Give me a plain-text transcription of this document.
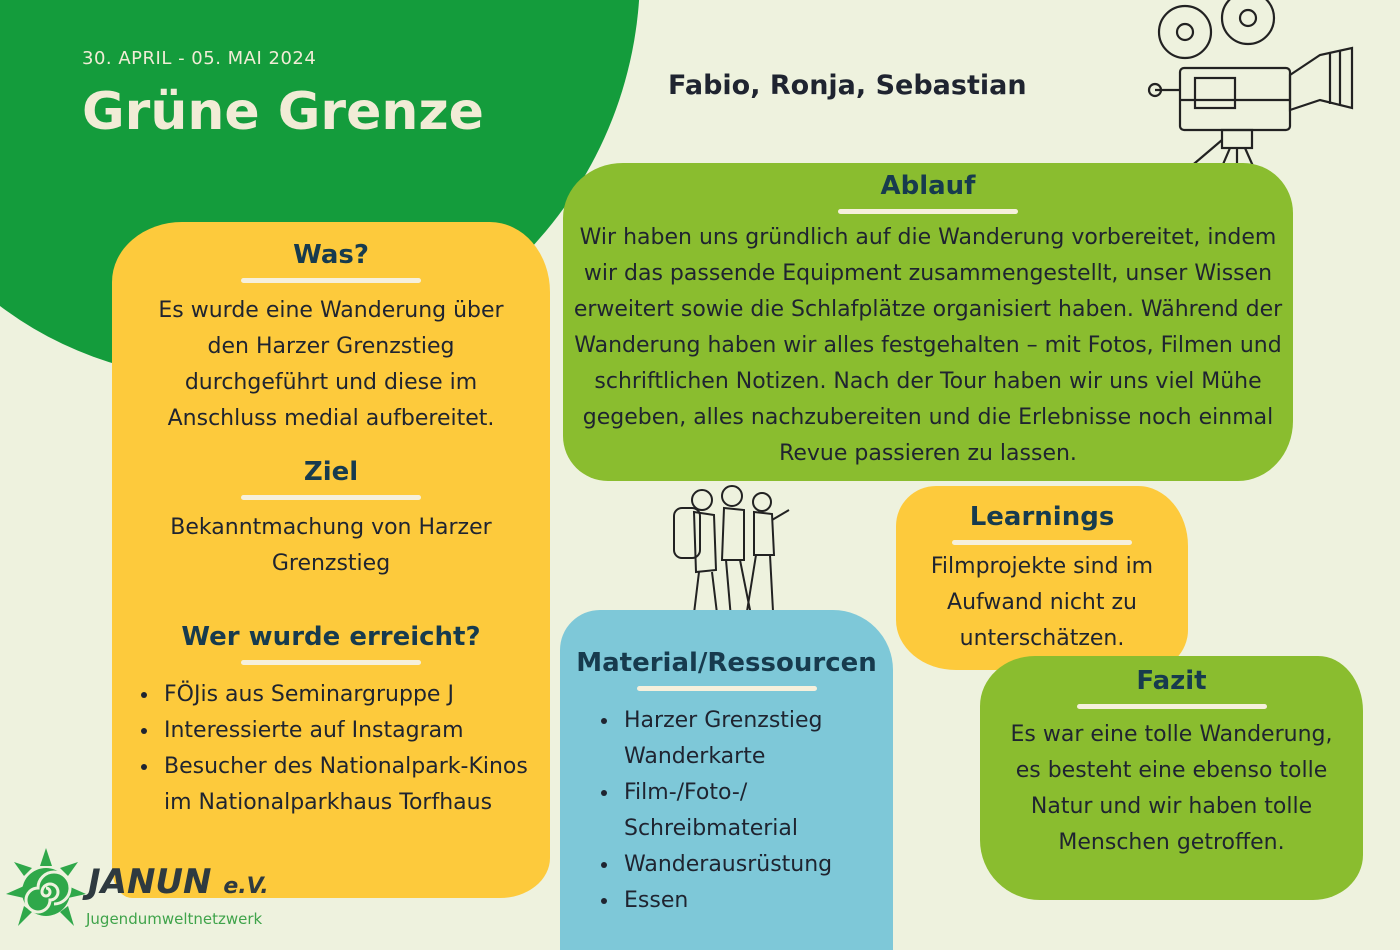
30. APRIL - 05. MAI 2024
Grüne Grenze	Fabio, Ronja, Sebastian
Was?
Es wurde eine Wanderung über den Harzer Grenzstieg durchgeführt und diese im Anschluss medial aufbereitet.
Ziel
Bekanntmachung von Harzer Grenzstieg
Wer wurde erreicht?
• FÖJis aus Seminargruppe J
• Interessierte auf Instagram
• Besucher des Nationalpark-Kinos im Nationalparkhaus Torfhaus
Ablauf
Wir haben uns gründlich auf die Wanderung vorbereitet, indem wir das passende Equipment zusammengestellt, unser Wissen erweitert sowie die Schlafplätze organisiert haben. Während der Wanderung haben wir alles festgehalten – mit Fotos, Filmen und schriftlichen Notizen. Nach der Tour haben wir uns viel Mühe gegeben, alles nachzubereiten und die Erlebnisse noch einmal Revue passieren zu lassen.
Learnings
Filmprojekte sind im Aufwand nicht zu unterschätzen.
Material/Ressourcen
• Harzer Grenzstieg Wanderkarte
• Film-/Foto-/ Schreibmaterial
• Wanderausrüstung
• Essen
Fazit
Es war eine tolle Wanderung, es besteht eine ebenso tolle Natur und wir haben tolle Menschen getroffen.
JANUN e.V.
Jugendumweltnetzwerk
